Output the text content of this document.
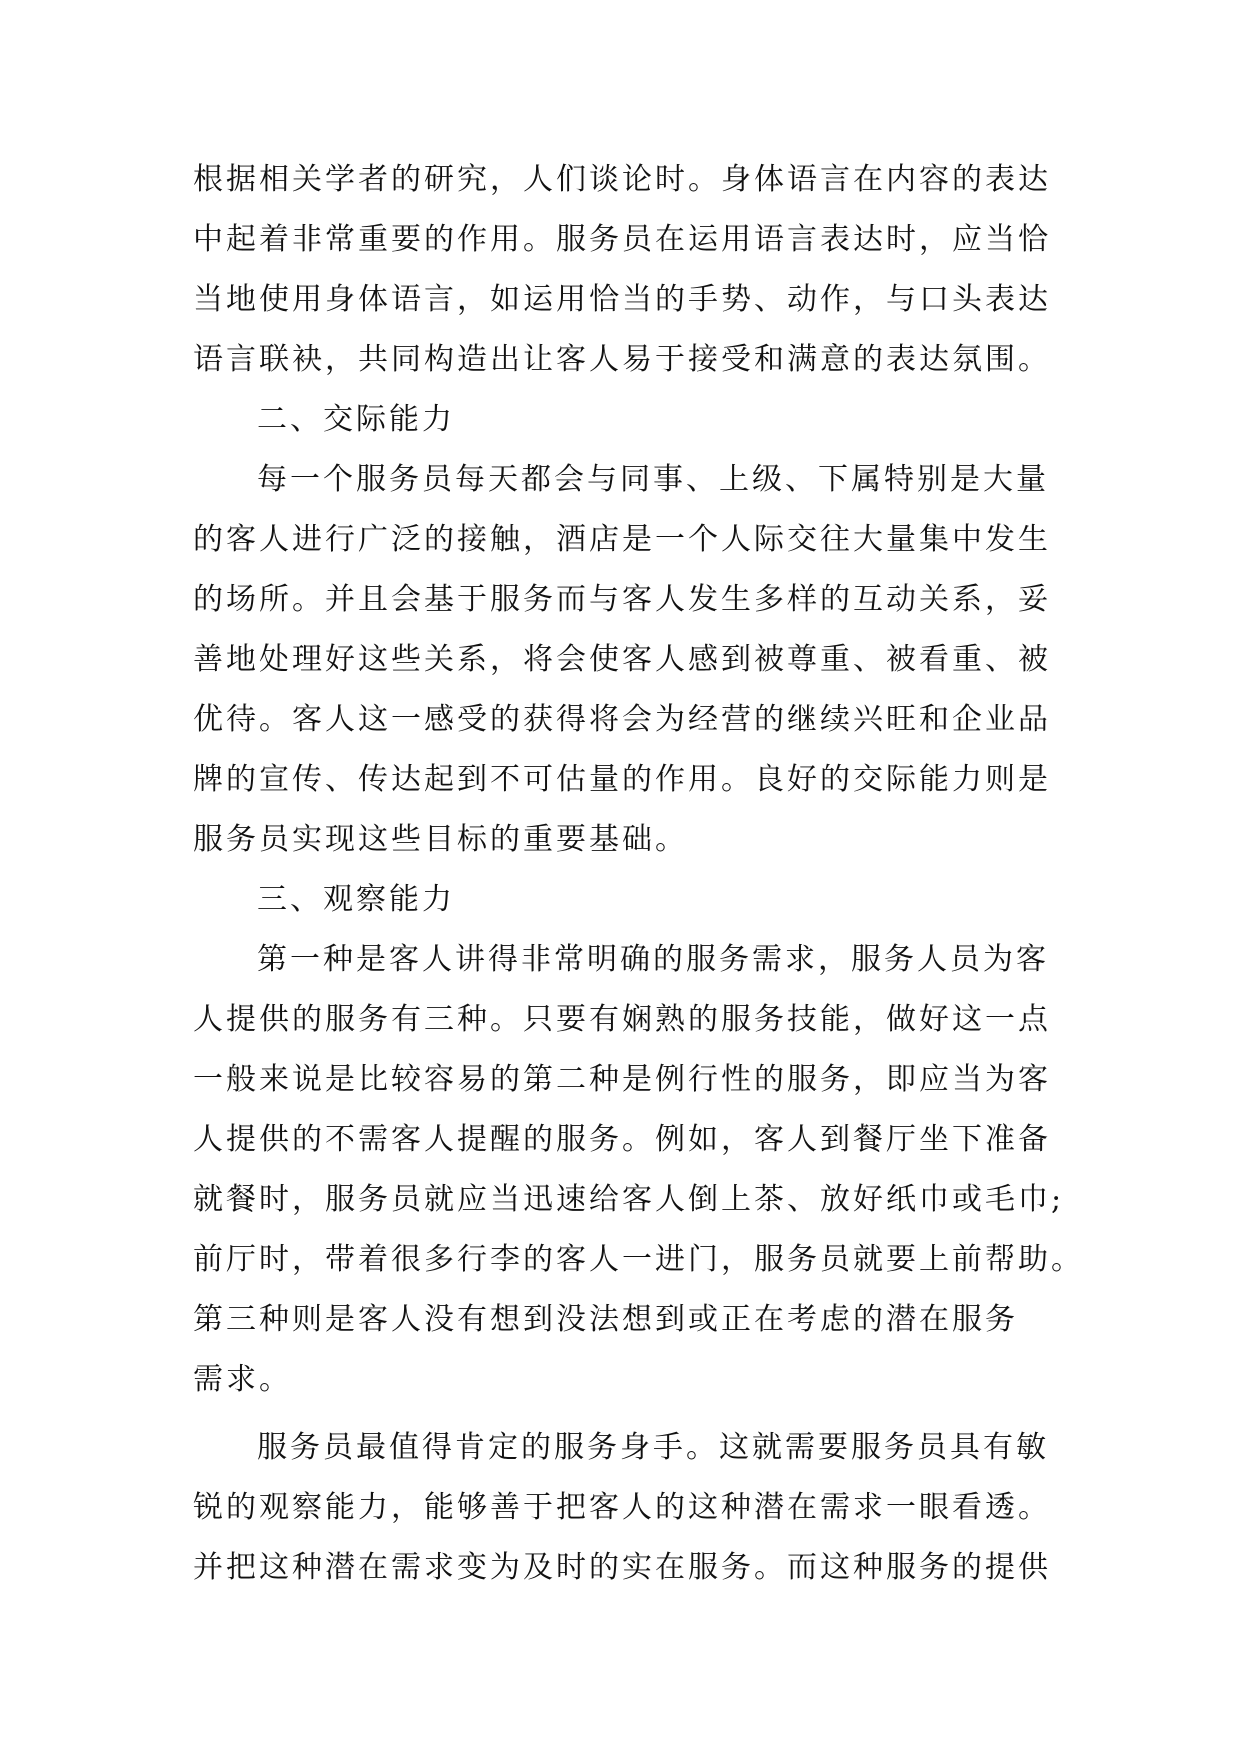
根据相关学者的研究，人们谈论时。身体语言在内容的表达
中起着非常重要的作用。服务员在运用语言表达时，应当恰
当地使用身体语言，如运用恰当的手势、动作，与口头表达
语言联袂，共同构造出让客人易于接受和满意的表达氛围。
二、交际能力
每一个服务员每天都会与同事、上级、下属特别是大量
的客人进行广泛的接触，酒店是一个人际交往大量集中发生
的场所。并且会基于服务而与客人发生多样的互动关系，妥
善地处理好这些关系，将会使客人感到被尊重、被看重、被
优待。客人这一感受的获得将会为经营的继续兴旺和企业品
牌的宣传、传达起到不可估量的作用。良好的交际能力则是
服务员实现这些目标的重要基础。
三、观察能力
第一种是客人讲得非常明确的服务需求，服务人员为客
人提供的服务有三种。只要有娴熟的服务技能，做好这一点
一般来说是比较容易的第二种是例行性的服务，即应当为客
人提供的不需客人提醒的服务。例如，客人到餐厅坐下准备
就餐时，服务员就应当迅速给客人倒上茶、放好纸巾或毛巾;
前厅时，带着很多行李的客人一进门，服务员就要上前帮助。
第三种则是客人没有想到没法想到或正在考虑的潜在服务
需求。
服务员最值得肯定的服务身手。这就需要服务员具有敏
锐的观察能力，能够善于把客人的这种潜在需求一眼看透。
并把这种潜在需求变为及时的实在服务。而这种服务的提供
